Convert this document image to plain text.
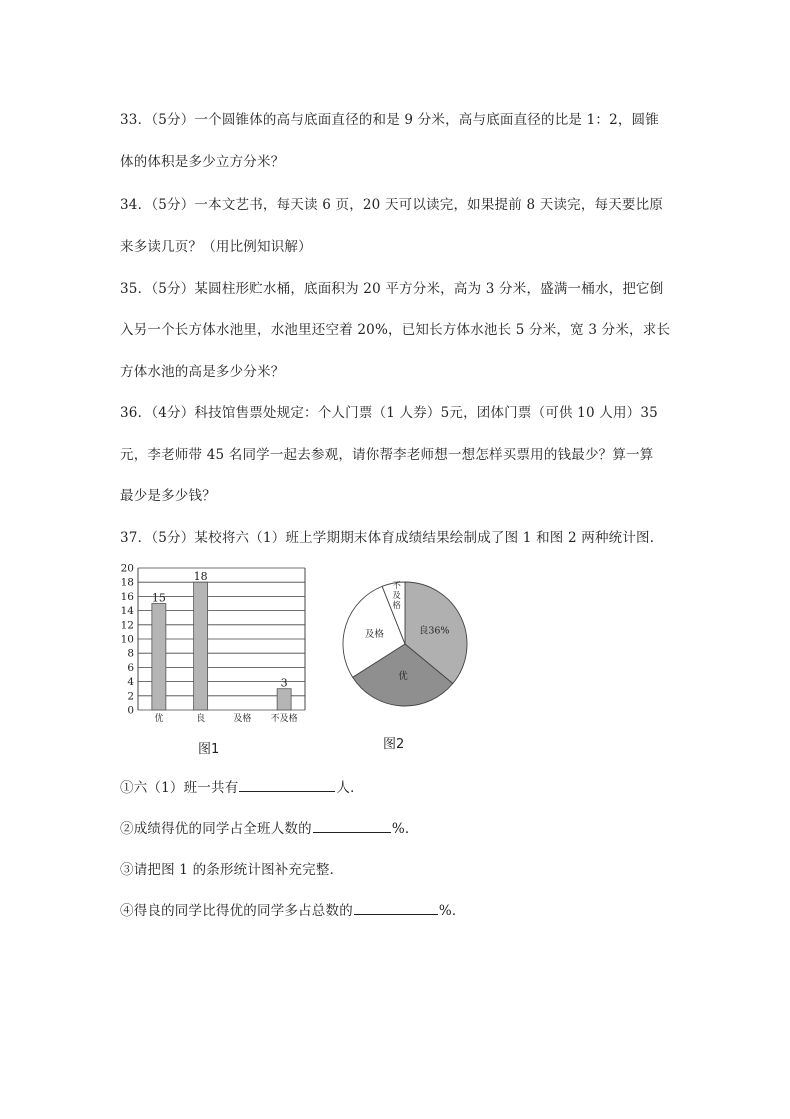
33．（5分）一个圆锥体的高与底面直径的和是 9 分米，高与底面直径的比是 1：2，圆锥
体的体积是多少立方分米？
34．（5分）一本文艺书，每天读 6 页，20 天可以读完，如果提前 8 天读完，每天要比原
来多读几页？（用比例知识解）
35．（5分）某圆柱形贮水桶，底面积为 20 平方分米，高为 3 分米，盛满一桶水，把它倒
入另一个长方体水池里，水池里还空着 20%，已知长方体水池长 5 分米，宽 3 分米，求长
方体水池的高是多少分米？
36．（4分）科技馆售票处规定：个人门票（1 人券）5元，团体门票（可供 10 人用）35
元，李老师带 45 名同学一起去参观，请你帮李老师想一想怎样买票用的钱最少？算一算
最少是多少钱？
37．（5分）某校将六（1）班上学期期末体育成绩结果绘制成了图 1 和图 2 两种统计图．
0
2
4
6
8
10
12
14
16
18
20
15
优
18
良	及格
3
不及格
图1
良36%
优
及格
不
及
格
图2
①六（1）班一共有	人．
②成绩得优的同学占全班人数的	%．
③请把图 1 的条形统计图补充完整．
④得良的同学比得优的同学多占总数的	%．
